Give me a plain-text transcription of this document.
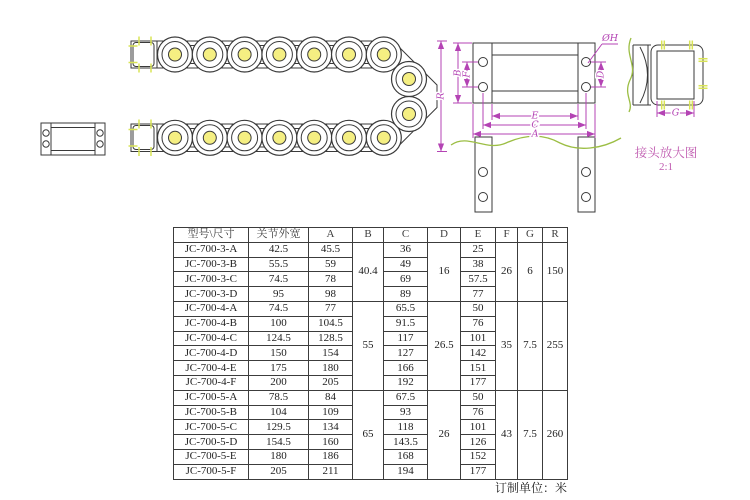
R
B
F	D
ØH
E
C
A
G
接头放大图
2:1
型号\尺寸	关节外宽	A	B	C	D	E	F	G	R
JC-700-3-A	42.5	45.5	40.4	36	16	25	26	6	150
JC-700-3-B	55.5	59		49		38			
JC-700-3-C	74.5	78		69		57.5			
JC-700-3-D	95	98		89		77			
JC-700-4-A	74.5	77	55	65.5	26.5	50	35	7.5	255
JC-700-4-B	100	104.5		91.5		76			
JC-700-4-C	124.5	128.5		117		101			
JC-700-4-D	150	154		127		142			
JC-700-4-E	175	180		166		151			
JC-700-4-F	200	205		192		177			
JC-700-5-A	78.5	84	65	67.5	26	50	43	7.5	260
JC-700-5-B	104	109		93		76			
JC-700-5-C	129.5	134		118		101			
JC-700-5-D	154.5	160		143.5		126			
JC-700-5-E	180	186		168		152			
JC-700-5-F	205	211		194		177			
订制单位：米
